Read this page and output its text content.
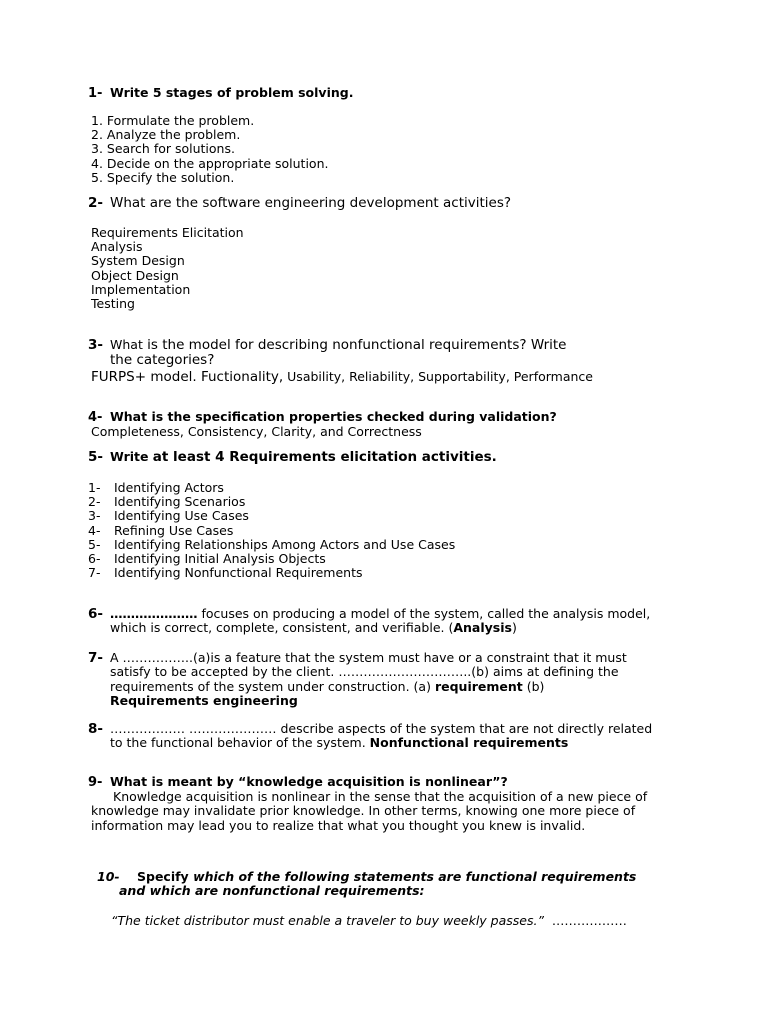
1- Write 5 stages of problem solving.
1. Formulate the problem.
2. Analyze the problem.
3. Search for solutions.
4. Decide on the appropriate solution.
5. Specify the solution.
2- What are the software engineering development activities?
Requirements Elicitation
Analysis
System Design
Object Design
Implementation
Testing
3- What is the model for describing nonfunctional requirements? Write
the categories?
FURPS+ model. Fuctionality, Usability, Reliability, Supportability, Performance
4- What is the specification properties checked during validation?
Completeness, Consistency, Clarity, and Correctness
5- Write at least 4 Requirements elicitation activities.
1- Identifying Actors
2- Identifying Scenarios
3- Identifying Use Cases
4- Refining Use Cases
5- Identifying Relationships Among Actors and Use Cases
6- Identifying Initial Analysis Objects
7- Identifying Nonfunctional Requirements
6- ………………… focuses on producing a model of the system, called the analysis model,
which is correct, complete, consistent, and verifiable. (Analysis)
7- A ……………..(a)is a feature that the system must have or a constraint that it must
satisfy to be accepted by the client. …………………………..(b) aims at defining the
requirements of the system under construction. (a) requirement (b)
Requirements engineering
8- ……………… ………………… describe aspects of the system that are not directly related
to the functional behavior of the system. Nonfunctional requirements
9- What is meant by “knowledge acquisition is nonlinear”?
Knowledge acquisition is nonlinear in the sense that the acquisition of a new piece of
knowledge may invalidate prior knowledge. In other terms, knowing one more piece of
information may lead you to realize that what you thought you knew is invalid.
10- Specify which of the following statements are functional requirements
and which are nonfunctional requirements:
“The ticket distributor must enable a traveler to buy weekly passes.” ………………
